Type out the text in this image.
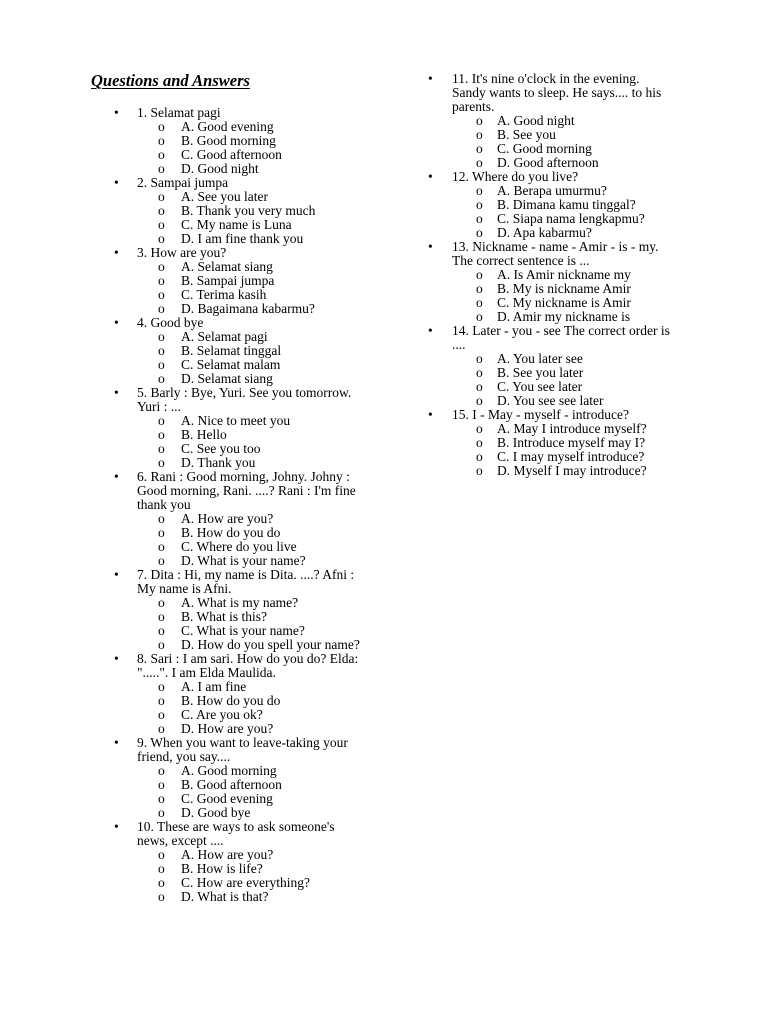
Questions and Answers
• 1. Selamat pagi
o A. Good evening
o B. Good morning
o C. Good afternoon
o D. Good night
• 2. Sampai jumpa
o A. See you later
o B. Thank you very much
o C. My name is Luna
o D. I am fine thank you
• 3. How are you?
o A. Selamat siang
o B. Sampai jumpa
o C. Terima kasih
o D. Bagaimana kabarmu?
• 4. Good bye
o A. Selamat pagi
o B. Selamat tinggal
o C. Selamat malam
o D. Selamat siang
• 5. Barly : Bye, Yuri. See you tomorrow. Yuri : ...
o A. Nice to meet you
o B. Hello
o C. See you too
o D. Thank you
• 6. Rani : Good morning, Johny. Johny : Good morning, Rani. ....? Rani : I'm fine thank you
o A. How are you?
o B. How do you do
o C. Where do you live
o D. What is your name?
• 7. Dita : Hi, my name is Dita. ....? Afni : My name is Afni.
o A. What is my name?
o B. What is this?
o C. What is your name?
o D. How do you spell your name?
• 8. Sari : I am sari. How do you do? Elda: ".....". I am Elda Maulida.
o A. I am fine
o B. How do you do
o C. Are you ok?
o D. How are you?
• 9. When you want to leave-taking your friend, you say....
o A. Good morning
o B. Good afternoon
o C. Good evening
o D. Good bye
• 10. These are ways to ask someone's news, except ....
o A. How are you?
o B. How is life?
o C. How are everything?
o D. What is that?
• 11. It's nine o'clock in the evening. Sandy wants to sleep. He says.... to his parents.
o A. Good night
o B. See you
o C. Good morning
o D. Good afternoon
• 12. Where do you live?
o A. Berapa umurmu?
o B. Dimana kamu tinggal?
o C. Siapa nama lengkapmu?
o D. Apa kabarmu?
• 13. Nickname - name - Amir - is - my. The correct sentence is ...
o A. Is Amir nickname my
o B. My is nickname Amir
o C. My nickname is Amir
o D. Amir my nickname is
• 14. Later - you - see The correct order is ....
o A. You later see
o B. See you later
o C. You see later
o D. You see see later
• 15. I - May - myself - introduce?
o A. May I introduce myself?
o B. Introduce myself may I?
o C. I may myself introduce?
o D. Myself I may introduce?
